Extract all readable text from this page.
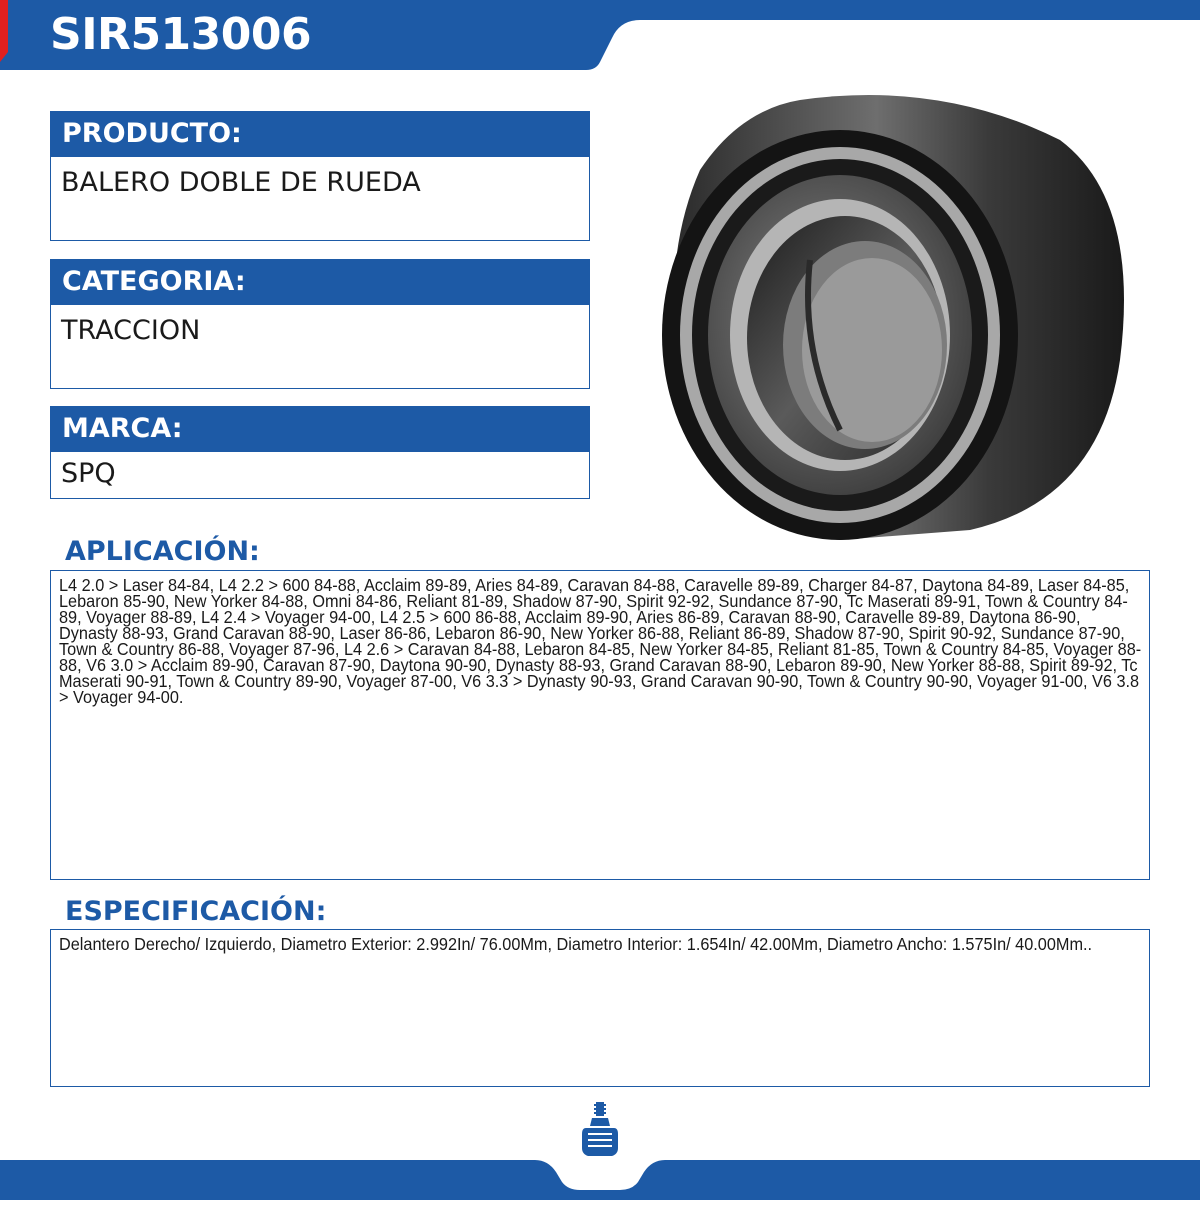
SIR513006
PRODUCTO:
BALERO DOBLE DE RUEDA
CATEGORIA:
TRACCION
MARCA:
SPQ
APLICACIÓN:
L4 2.0 > Laser 84-84, L4 2.2 > 600 84-88, Acclaim 89-89, Aries 84-89, Caravan 84-88, Caravelle 89-89, Charger 84-87, Daytona 84-89, Laser 84-85, Lebaron 85-90, New Yorker 84-88, Omni 84-86, Reliant 81-89, Shadow 87-90, Spirit 92-92, Sundance 87-90, Tc Maserati 89-91, Town & Country 84-89, Voyager 88-89, L4 2.4 > Voyager 94-00, L4 2.5 > 600 86-88, Acclaim 89-90, Aries 86-89, Caravan 88-90, Caravelle 89-89, Daytona 86-90, Dynasty 88-93, Grand Caravan 88-90, Laser 86-86, Lebaron 86-90, New Yorker 86-88, Reliant 86-89, Shadow 87-90, Spirit 90-92, Sundance 87-90, Town & Country 86-88, Voyager 87-96, L4 2.6 > Caravan 84-88, Lebaron 84-85, New Yorker 84-85, Reliant 81-85, Town & Country 84-85, Voyager 88-88, V6 3.0 > Acclaim 89-90, Caravan 87-90, Daytona 90-90, Dynasty 88-93, Grand Caravan 88-90, Lebaron 89-90, New Yorker 88-88, Spirit 89-92, Tc Maserati 90-91, Town & Country 89-90, Voyager 87-00, V6 3.3 > Dynasty 90-93, Grand Caravan 90-90, Town & Country 90-90, Voyager 91-00, V6 3.8 > Voyager 94-00.
ESPECIFICACIÓN:
Delantero Derecho/ Izquierdo, Diametro Exterior: 2.992In/ 76.00Mm, Diametro Interior: 1.654In/ 42.00Mm, Diametro Ancho: 1.575In/ 40.00Mm..
TRACCIÓN
